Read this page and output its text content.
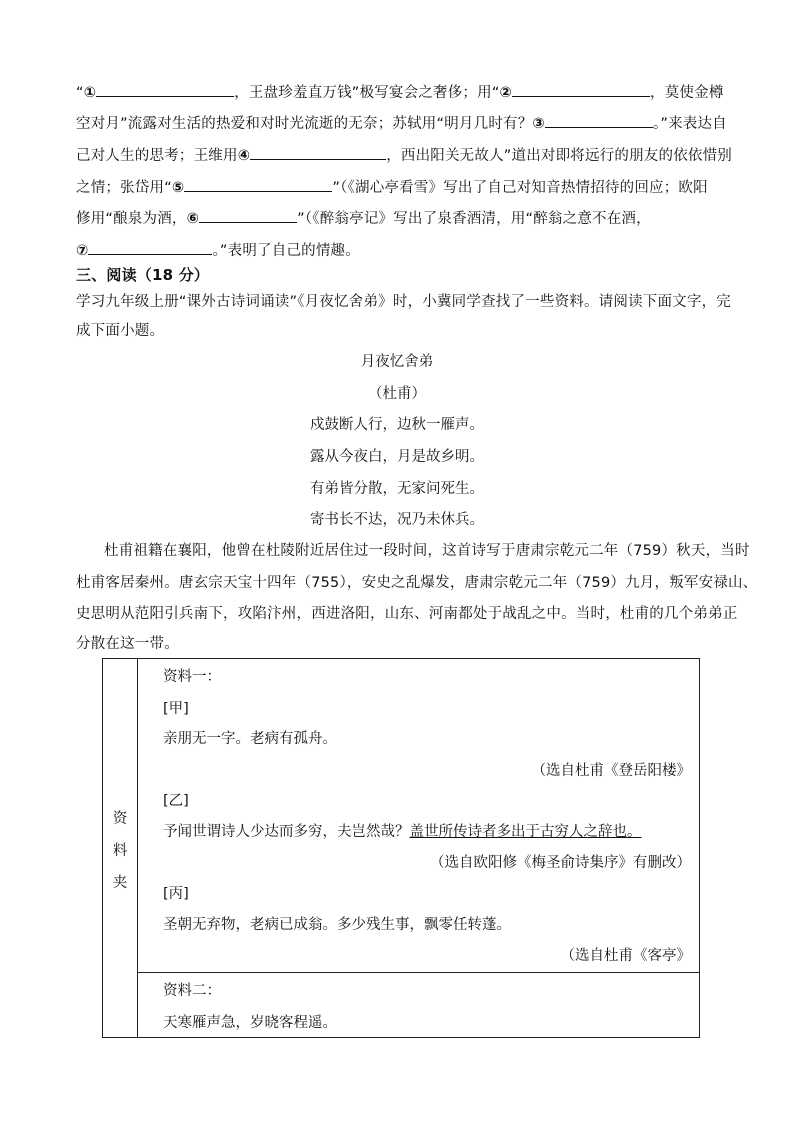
“①	，王盘珍羞直万钱”极写宴会之奢侈；用“②	，莫使金樽
空对月”流露对生活的热爱和对时光流逝的无奈；苏轼用“明月几时有？③	。”来表达自
己对人生的思考；王维用④	，西出阳关无故人”道出对即将远行的朋友的依依惜别
之情；张岱用“⑤	”（《湖心亭看雪》写出了自己对知音热情招待的回应；欧阳
修用“酿泉为酒，⑥	”（《醉翁亭记》写出了泉香酒清，用“醉翁之意不在酒，
⑦	。”表明了自己的情趣。
三、阅读（18 分）
学习九年级上册“课外古诗词诵读”《月夜忆舍弟》时，小冀同学查找了一些资料。请阅读下面文字，完
成下面小题。
月夜忆舍弟
（杜甫）
戍鼓断人行，边秋一雁声。
露从今夜白，月是故乡明。
有弟皆分散，无家问死生。
寄书长不达，况乃未休兵。
杜甫祖籍在襄阳，他曾在杜陵附近居住过一段时间，这首诗写于唐肃宗乾元二年（759）秋天，当时
杜甫客居秦州。唐玄宗天宝十四年（755），安史之乱爆发，唐肃宗乾元二年（759）九月，叛军安禄山、
史思明从范阳引兵南下，攻陷汴州，西进洛阳，山东、河南都处于战乱之中。当时，杜甫的几个弟弟正
分散在这一带。
资
料
夹
资料一：
[甲]
亲朋无一字。老病有孤舟。
（选自杜甫《登岳阳楼》
[乙]
予闻世谓诗人少达而多穷，夫岂然哉？盖世所传诗者多出于古穷人之辞也。
（选自欧阳修《梅圣俞诗集序》有删改）
[丙]
圣朝无弃物，老病已成翁。多少残生事，飘零任转蓬。
（选自杜甫《客亭》
资料二：
天寒雁声急，岁晓客程遥。
